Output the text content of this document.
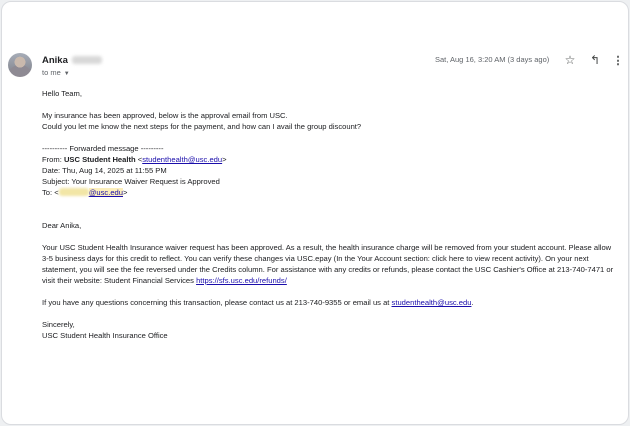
Anika
to me ▼
Sat, Aug 16, 3:20 AM (3 days ago) ☆ ↰ ⋮
Hello Team,
My insurance has been approved, below is the approval email from USC.
Could you let me know the next steps for the payment, and how can I avail the group discount?
---------- Forwarded message ---------
From: USC Student Health <studenthealth@usc.edu>
Date: Thu, Aug 14, 2025 at 11:55 PM
Subject: Your Insurance Waiver Request is Approved
To: <	@usc.edu>
Dear Anika,
Your USC Student Health Insurance waiver request has been approved. As a result, the health insurance charge will be removed from your student account. Please allow 3-5 business days for this credit to reflect. You can verify these changes via USC.epay (In the Your Account section: click here to view recent activity). On your next statement, you will see the fee reversed under the Credits column. For assistance with any credits or refunds, please contact the USC Cashier's Office at 213-740-7471 or visit their website: Student Financial Services https://sfs.usc.edu/refunds/
If you have any questions concerning this transaction, please contact us at 213-740-9355 or email us at studenthealth@usc.edu.
Sincerely,
USC Student Health Insurance Office
